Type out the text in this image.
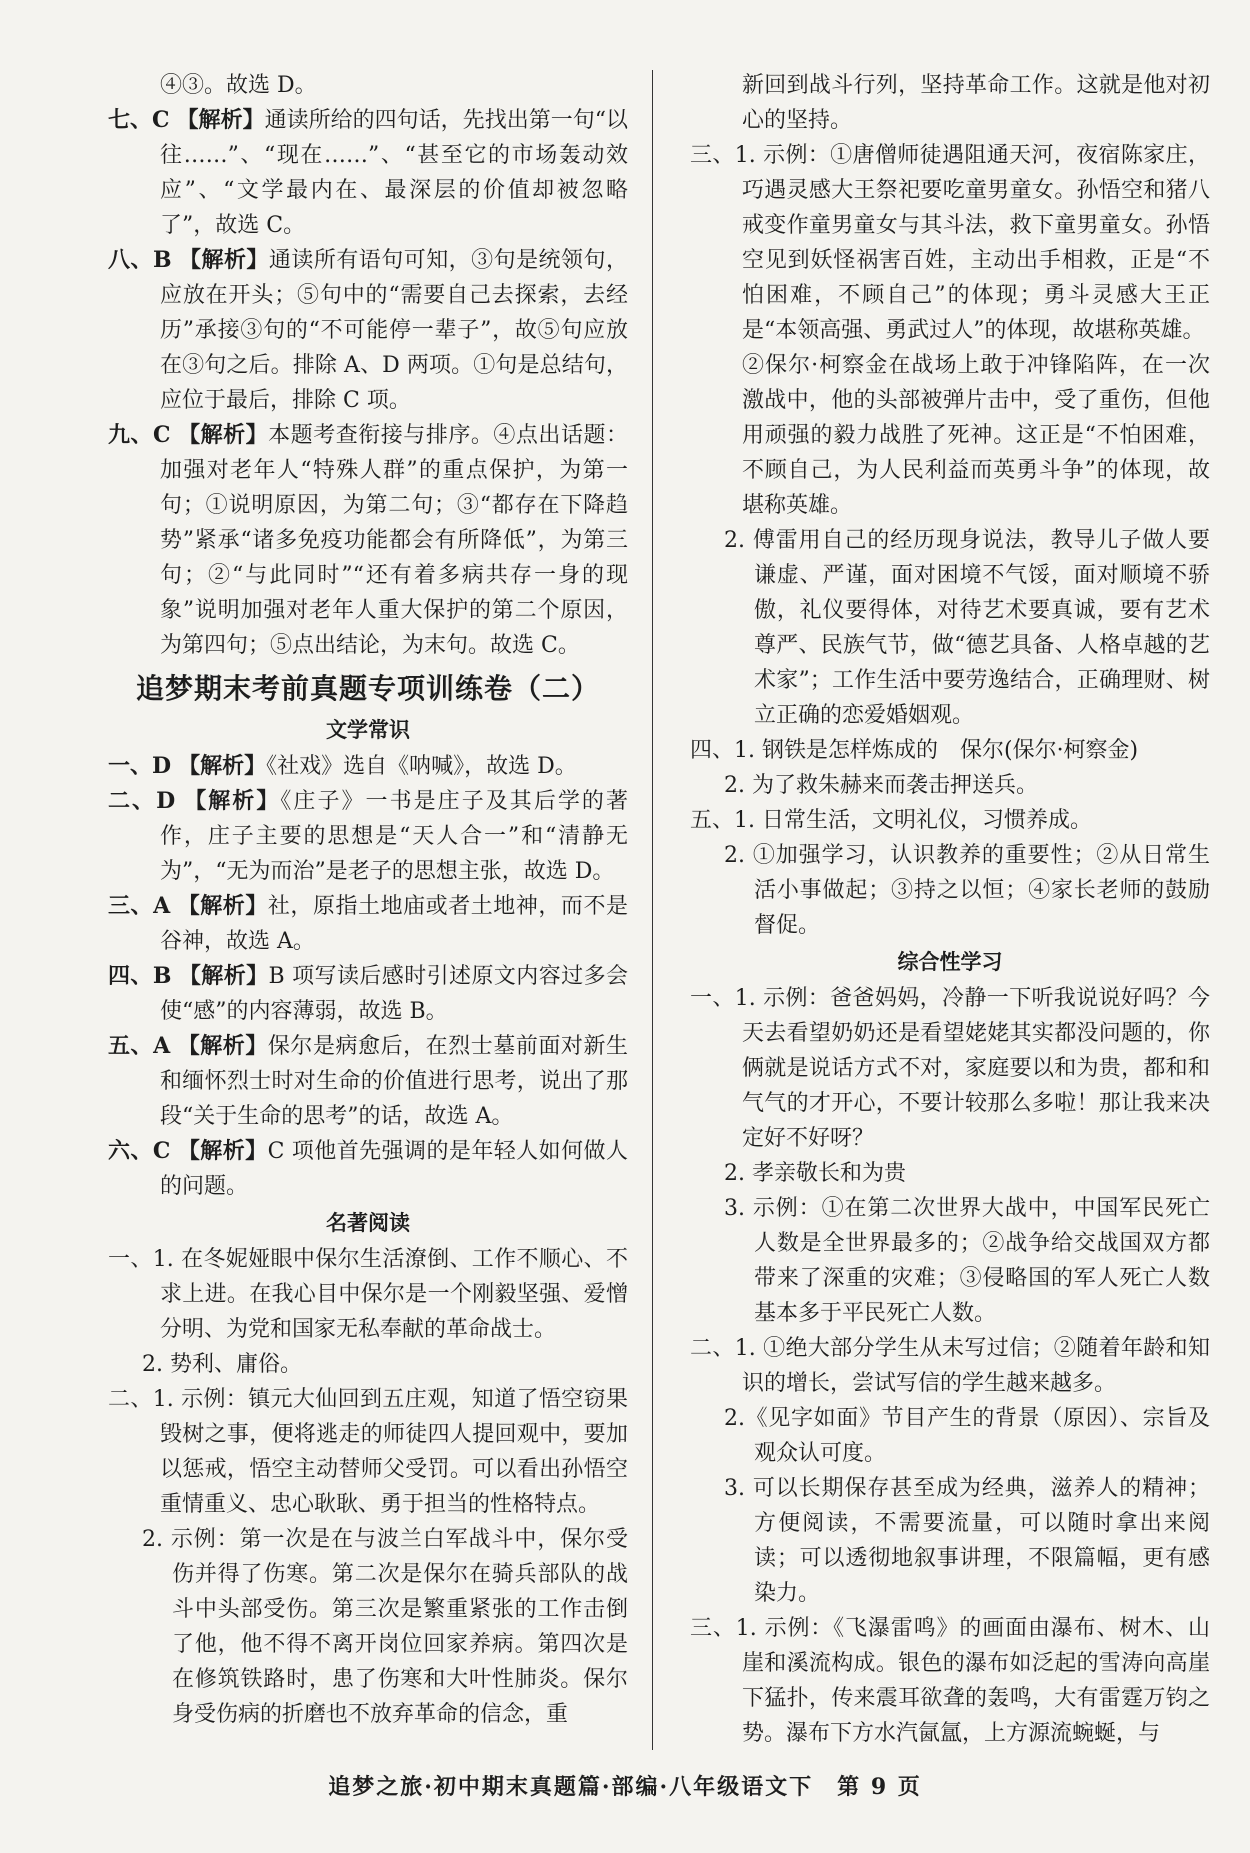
④③。故选 D。

七、C 【解析】通读所给的四句话，先找出第一句“以往……”、“现在……”、“甚至它的市场轰动效应”、“文学最内在、最深层的价值却被忽略了”，故选 C。

八、B 【解析】通读所有语句可知，③句是统领句，应放在开头；⑤句中的“需要自己去探索，去经历”承接③句的“不可能停一辈子”，故⑤句应放在③句之后。排除 A、D 两项。①句是总结句，应位于最后，排除 C 项。

九、C 【解析】本题考查衔接与排序。④点出话题：加强对老年人“特殊人群”的重点保护，为第一句；①说明原因，为第二句；③“都存在下降趋势”紧承“诸多免疫功能都会有所降低”，为第三句；②“与此同时”“还有着多病共存一身的现象”说明加强对老年人重大保护的第二个原因，为第四句；⑤点出结论，为末句。故选 C。

追梦期末考前真题专项训练卷（二）
文学常识

一、D 【解析】《社戏》选自《呐喊》，故选 D。

二、D 【解析】《庄子》一书是庄子及其后学的著作，庄子主要的思想是“天人合一”和“清静无为”，“无为而治”是老子的思想主张，故选 D。

三、A 【解析】社，原指土地庙或者土地神，而不是谷神，故选 A。

四、B 【解析】B 项写读后感时引述原文内容过多会使“感”的内容薄弱，故选 B。

五、A 【解析】保尔是病愈后，在烈士墓前面对新生和缅怀烈士时对生命的价值进行思考，说出了那段“关于生命的思考”的话，故选 A。

六、C 【解析】C 项他首先强调的是年轻人如何做人的问题。

名著阅读

一、1. 在冬妮娅眼中保尔生活潦倒、工作不顺心、不求上进。在我心目中保尔是一个刚毅坚强、爱憎分明、为党和国家无私奉献的革命战士。

2. 势利、庸俗。

二、1. 示例：镇元大仙回到五庄观，知道了悟空窃果毁树之事，便将逃走的师徒四人提回观中，要加以惩戒，悟空主动替师父受罚。可以看出孙悟空重情重义、忠心耿耿、勇于担当的性格特点。

2. 示例：第一次是在与波兰白军战斗中，保尔受伤并得了伤寒。第二次是保尔在骑兵部队的战斗中头部受伤。第三次是繁重紧张的工作击倒了他，他不得不离开岗位回家养病。第四次是在修筑铁路时，患了伤寒和大叶性肺炎。保尔身受伤病的折磨也不放弃革命的信念，重

新回到战斗行列，坚持革命工作。这就是他对初心的坚持。

三、1. 示例：①唐僧师徒遇阻通天河，夜宿陈家庄，巧遇灵感大王祭祀要吃童男童女。孙悟空和猪八戒变作童男童女与其斗法，救下童男童女。孙悟空见到妖怪祸害百姓，主动出手相救，正是“不怕困难，不顾自己”的体现；勇斗灵感大王正是“本领高强、勇武过人”的体现，故堪称英雄。

②保尔·柯察金在战场上敢于冲锋陷阵，在一次激战中，他的头部被弹片击中，受了重伤，但他用顽强的毅力战胜了死神。这正是“不怕困难，不顾自己，为人民利益而英勇斗争”的体现，故堪称英雄。

2. 傅雷用自己的经历现身说法，教导儿子做人要谦虚、严谨，面对困境不气馁，面对顺境不骄傲，礼仪要得体，对待艺术要真诚，要有艺术尊严、民族气节，做“德艺具备、人格卓越的艺术家”；工作生活中要劳逸结合，正确理财、树立正确的恋爱婚姻观。

四、1. 钢铁是怎样炼成的　保尔(保尔·柯察金)

2. 为了救朱赫来而袭击押送兵。

五、1. 日常生活，文明礼仪，习惯养成。

2. ①加强学习，认识教养的重要性；②从日常生活小事做起；③持之以恒；④家长老师的鼓励督促。

综合性学习

一、1. 示例：爸爸妈妈，冷静一下听我说说好吗？今天去看望奶奶还是看望姥姥其实都没问题的，你俩就是说话方式不对，家庭要以和为贵，都和和气气的才开心，不要计较那么多啦！那让我来决定好不好呀？

2. 孝亲敬长和为贵

3. 示例：①在第二次世界大战中，中国军民死亡人数是全世界最多的；②战争给交战国双方都带来了深重的灾难；③侵略国的军人死亡人数基本多于平民死亡人数。

二、1. ①绝大部分学生从未写过信；②随着年龄和知识的增长，尝试写信的学生越来越多。

2.《见字如面》节目产生的背景（原因）、宗旨及观众认可度。

3. 可以长期保存甚至成为经典，滋养人的精神；方便阅读，不需要流量，可以随时拿出来阅读；可以透彻地叙事讲理，不限篇幅，更有感染力。

三、1. 示例：《飞瀑雷鸣》的画面由瀑布、树木、山崖和溪流构成。银色的瀑布如泛起的雪涛向高崖下猛扑，传来震耳欲聋的轰鸣，大有雷霆万钧之势。瀑布下方水汽氤氲，上方源流蜿蜒，与

追梦之旅·初中期末真题篇·部编·八年级语文下　第 9 页
